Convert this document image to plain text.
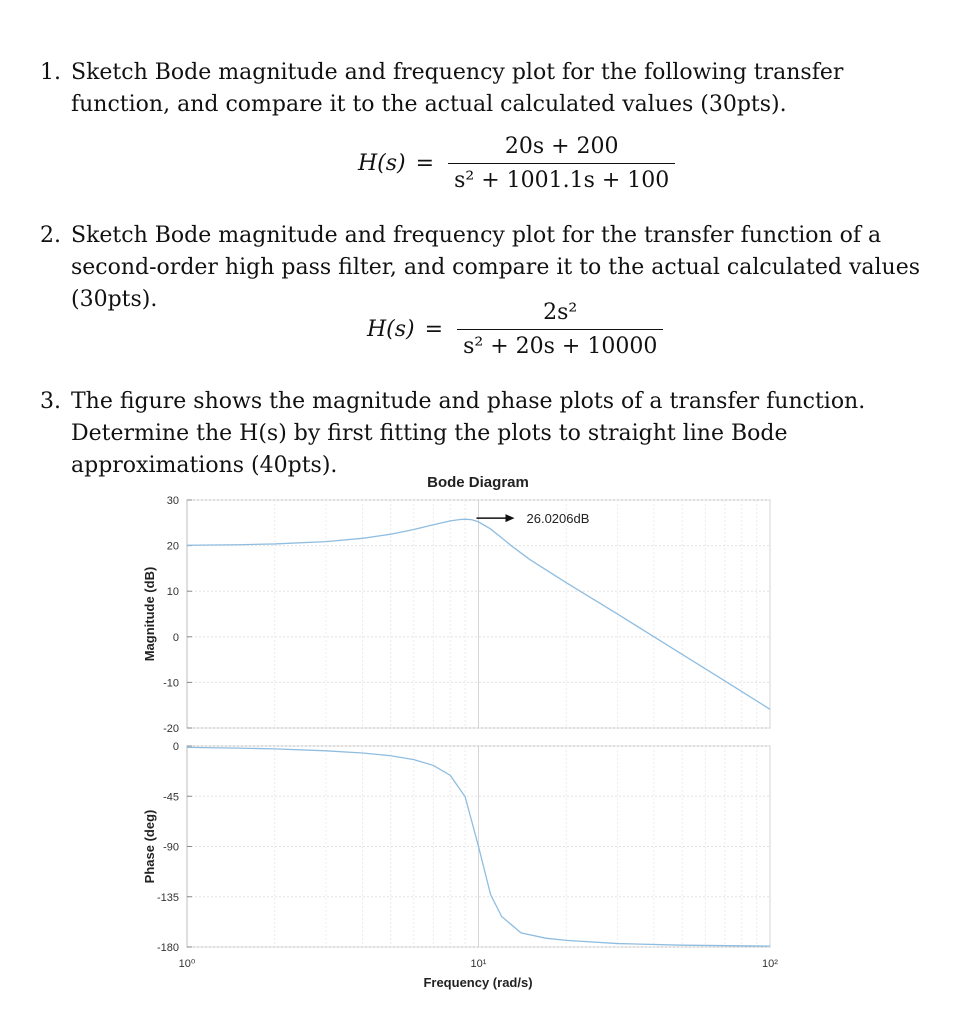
1. Sketch Bode magnitude and frequency plot for the following transfer function, and compare it to the actual calculated values (30pts).
$H(s) = \frac{20s + 200}{\text{s² + 1001.1s + 100}}$
2. Sketch Bode magnitude and frequency plot for the transfer function of a second-order high pass filter, and compare it to the actual calculated values (30pts).
$H(s) = \frac{\text{2s²}}{\text{s² + 20s + 10000}}$
3. The figure shows the magnitude and phase plots of a transfer function. Determine the H(s) by first fitting the plots to straight line Bode approximations (40pts).
Bode Diagram
30
20
10
0
-10
-20
26.0206dB
Magnitude (dB)
0
-45
-90
-135
-180
Phase (deg)
10⁰	10¹	10²
Frequency (rad/s)
